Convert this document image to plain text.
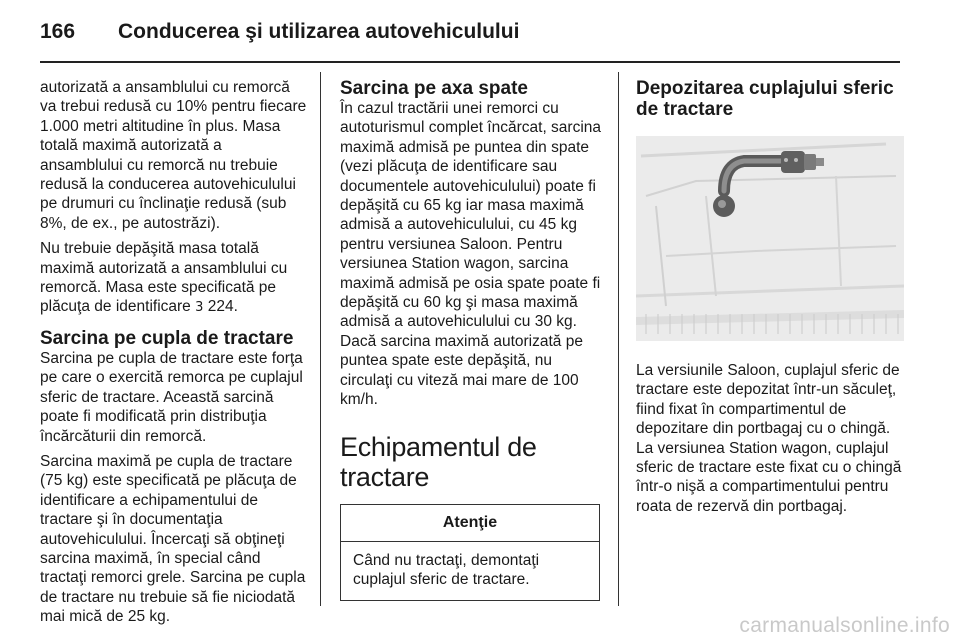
166 Conducerea şi utilizarea autovehiculului

autorizată a ansamblului cu remorcă va trebui redusă cu 10% pentru fiecare 1.000 metri altitudine în plus. Masa totală maximă autorizată a ansamblului cu remorcă nu trebuie redusă la conducerea autovehiculului pe drumuri cu înclinaţie redusă (sub 8%, de ex., pe autostrăzi).

Nu trebuie depăşită masa totală maximă autorizată a ansamblului cu remorcă. Masa este specificată pe plăcuţa de identificare 3 224.

Sarcina pe cupla de tractare

Sarcina pe cupla de tractare este forţa pe care o exercită remorca pe cuplajul sferic de tractare. Această sarcină poate fi modificată prin distribuţia încărcăturii din remorcă.

Sarcina maximă pe cupla de tractare (75 kg) este specificată pe plăcuţa de identificare a echipamentului de tractare şi în documentaţia autovehiculului. Încercaţi să obţineţi sarcina maximă, în special când tractaţi remorci grele. Sarcina pe cupla de tractare nu trebuie să fie niciodată mai mică de 25 kg.

Sarcina pe axa spate

În cazul tractării unei remorci cu autoturismul complet încărcat, sarcina maximă admisă pe puntea din spate (vezi plăcuţa de identificare sau documentele autovehiculului) poate fi depăşită cu 65 kg iar masa maximă admisă a autovehiculului, cu 45 kg pentru versiunea Saloon. Pentru versiunea Station wagon, sarcina maximă admisă pe osia spate poate fi depăşită cu 60 kg şi masa maximă admisă a autovehiculului cu 30 kg. Dacă sarcina maximă autorizată pe puntea spate este depăşită, nu circulaţi cu viteză mai mare de 100 km/h.

Echipamentul de tractare
Atenţie
Când nu tractaţi, demontaţi cuplajul sferic de tractare.
Depozitarea cuplajului sferic de tractare

La versiunile Saloon, cuplajul sferic de tractare este depozitat într-un săculeţ, fiind fixat în compartimentul de depozitare din portbagaj cu o chingă. La versiunea Station wagon, cuplajul sferic de tractare este fixat cu o chingă într-o nişă a compartimentului pentru roata de rezervă din portbagaj.

carmanualsonline.info
